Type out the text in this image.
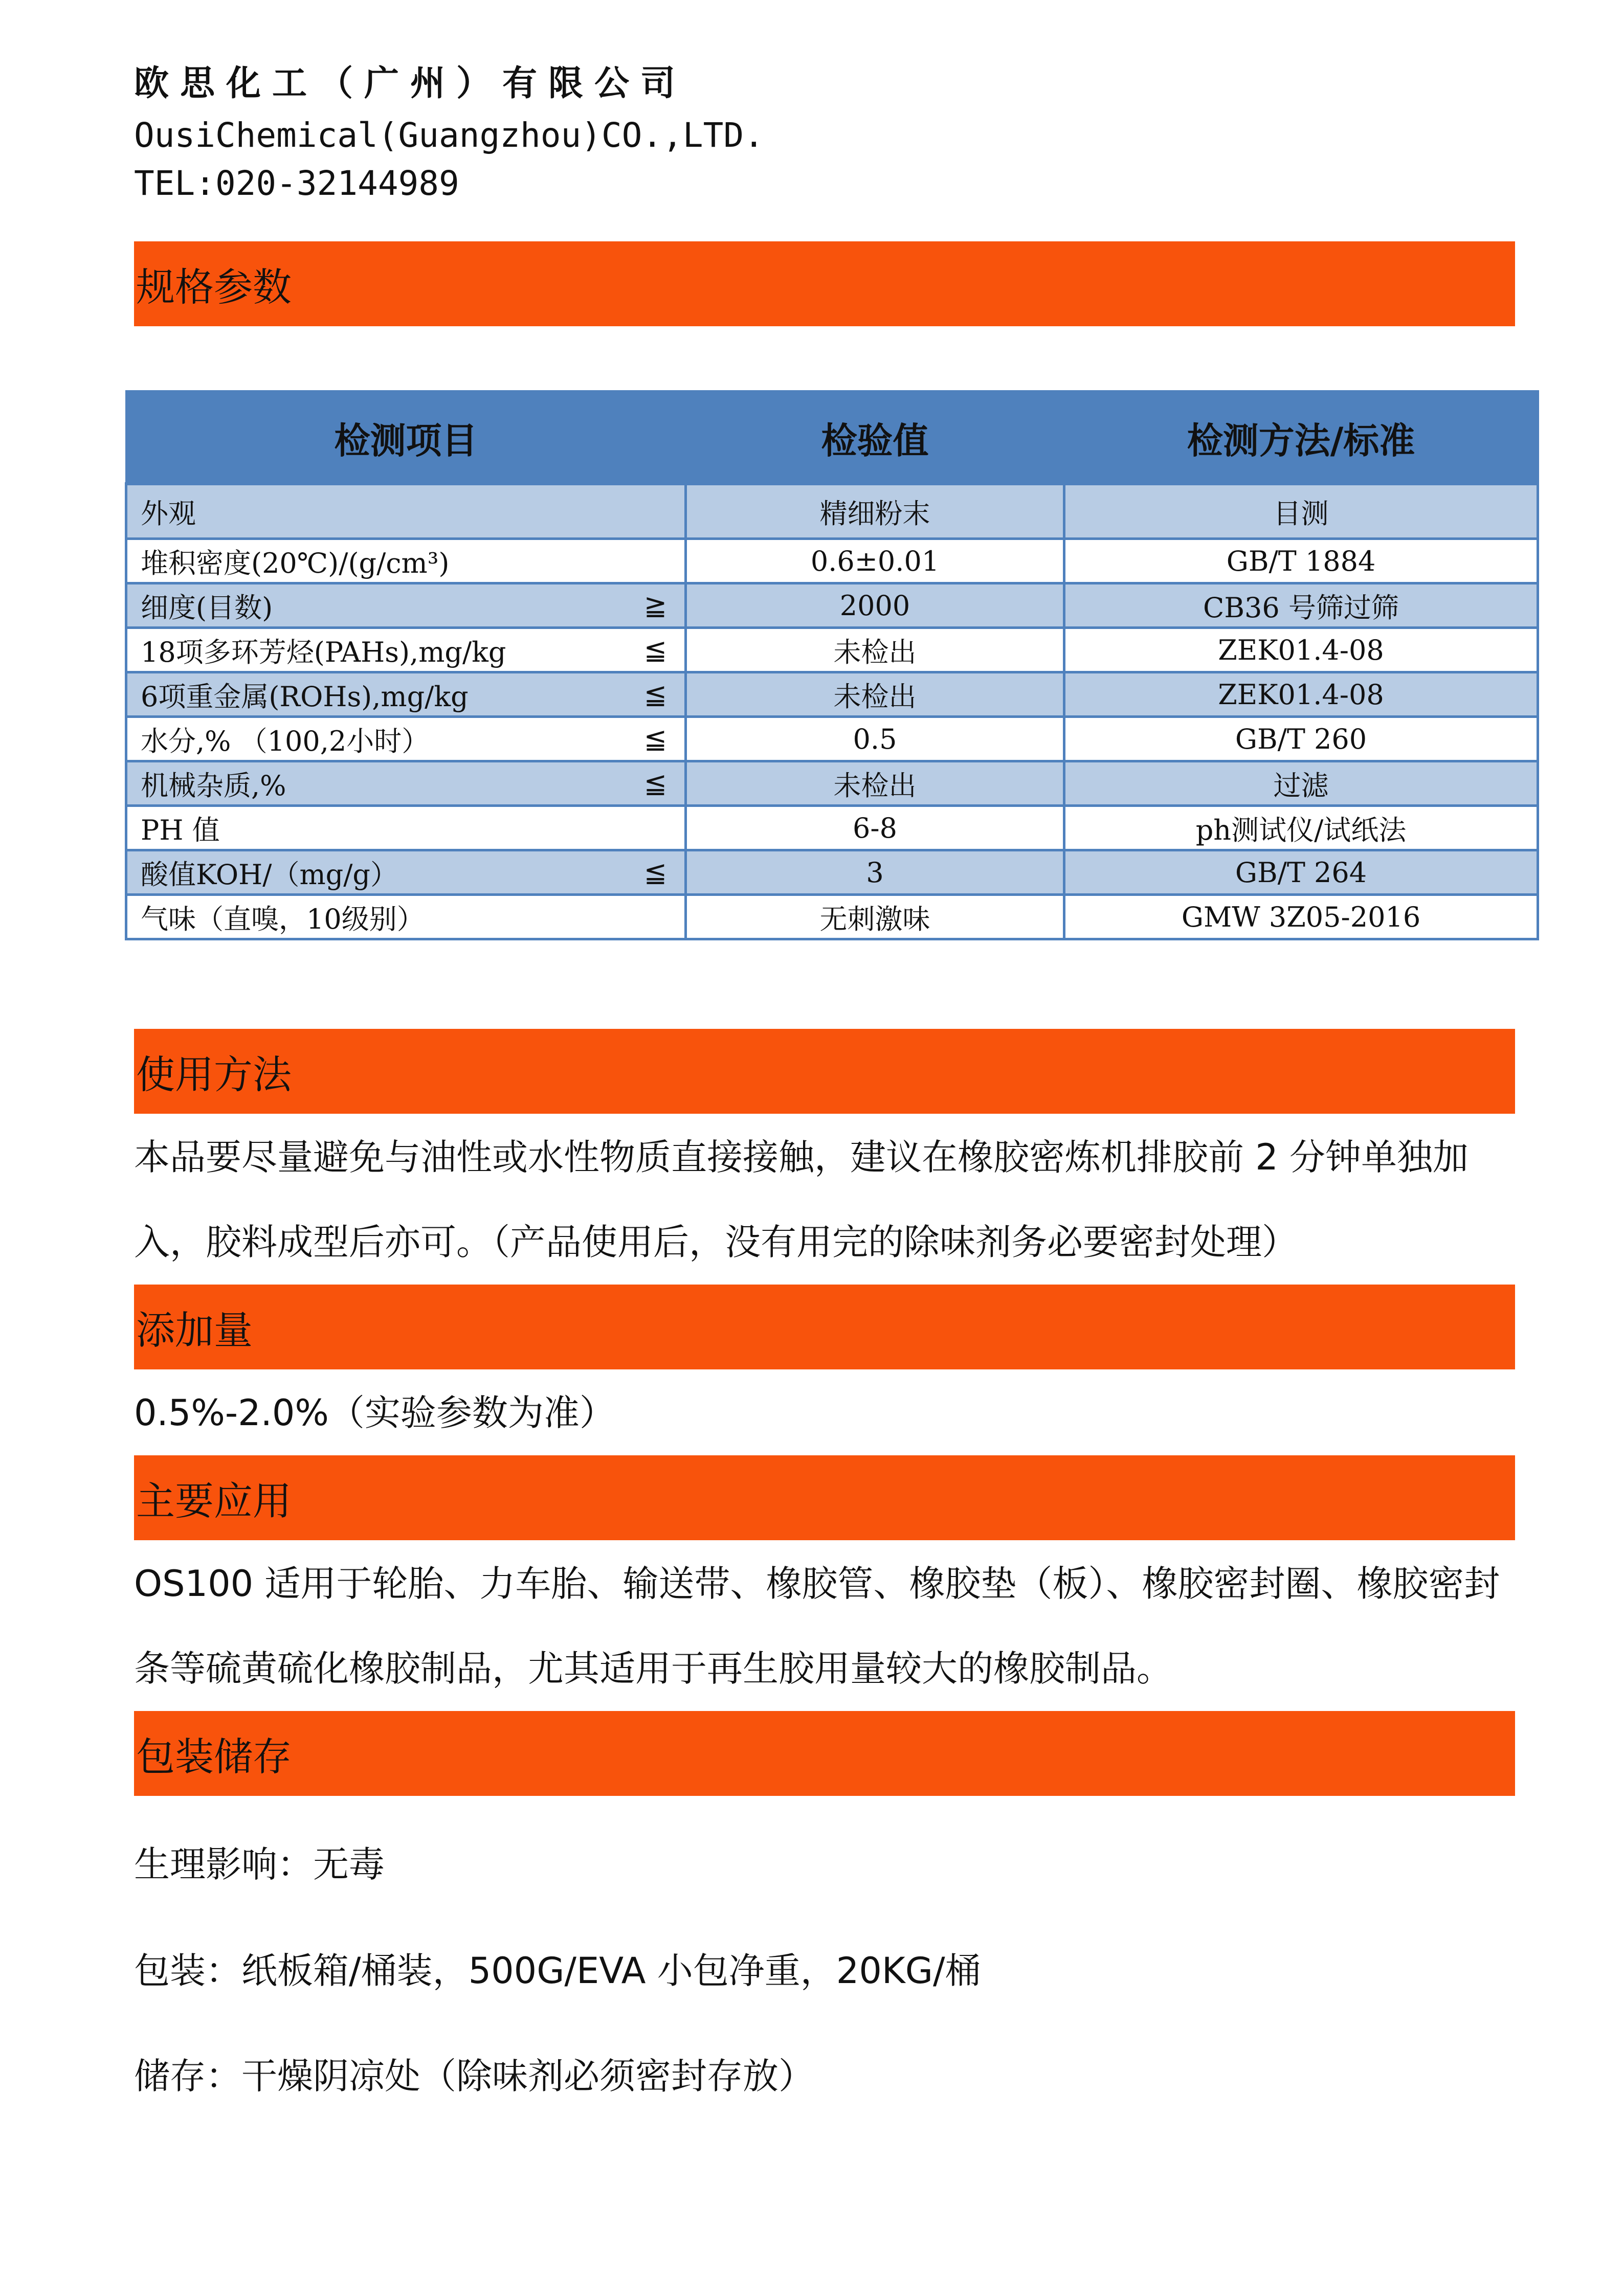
欧思化工（广州）有限公司
OusiChemical(Guangzhou)CO.,LTD.
TEL:020-32144989
规格参数
检测项目	检验值	检测方法/标准
外观	精细粉末	目测
堆积密度(20℃)/(g/cm³)	0.6±0.01	GB/T 1884
细度(目数) ≧	2000	CB36 号筛过筛
18项多环芳烃(PAHs),mg/kg ≦	未检出	ZEK01.4-08
6项重金属(ROHs),mg/kg ≦	未检出	ZEK01.4-08
水分,% （100,2小时） ≦	0.5	GB/T 260
机械杂质,% ≦	未检出	过滤
PH 值	6-8	ph测试仪/试纸法
酸值KOH/（mg/g） ≦	3	GB/T 264
气味（直嗅，10级别）	无刺激味	GMW 3Z05-2016
使用方法
本品要尽量避免与油性或水性物质直接接触，建议在橡胶密炼机排胶前 2 分钟单独加入，胶料成型后亦可。（产品使用后，没有用完的除味剂务必要密封处理）
添加量
0.5%-2.0%（实验参数为准）
主要应用
OS100 适用于轮胎、力车胎、输送带、橡胶管、橡胶垫（板）、橡胶密封圈、橡胶密封条等硫黄硫化橡胶制品，尤其适用于再生胶用量较大的橡胶制品。
包装储存
生理影响：无毒
包装：纸板箱/桶装，500G/EVA 小包净重，20KG/桶
储存：干燥阴凉处（除味剂必须密封存放）
